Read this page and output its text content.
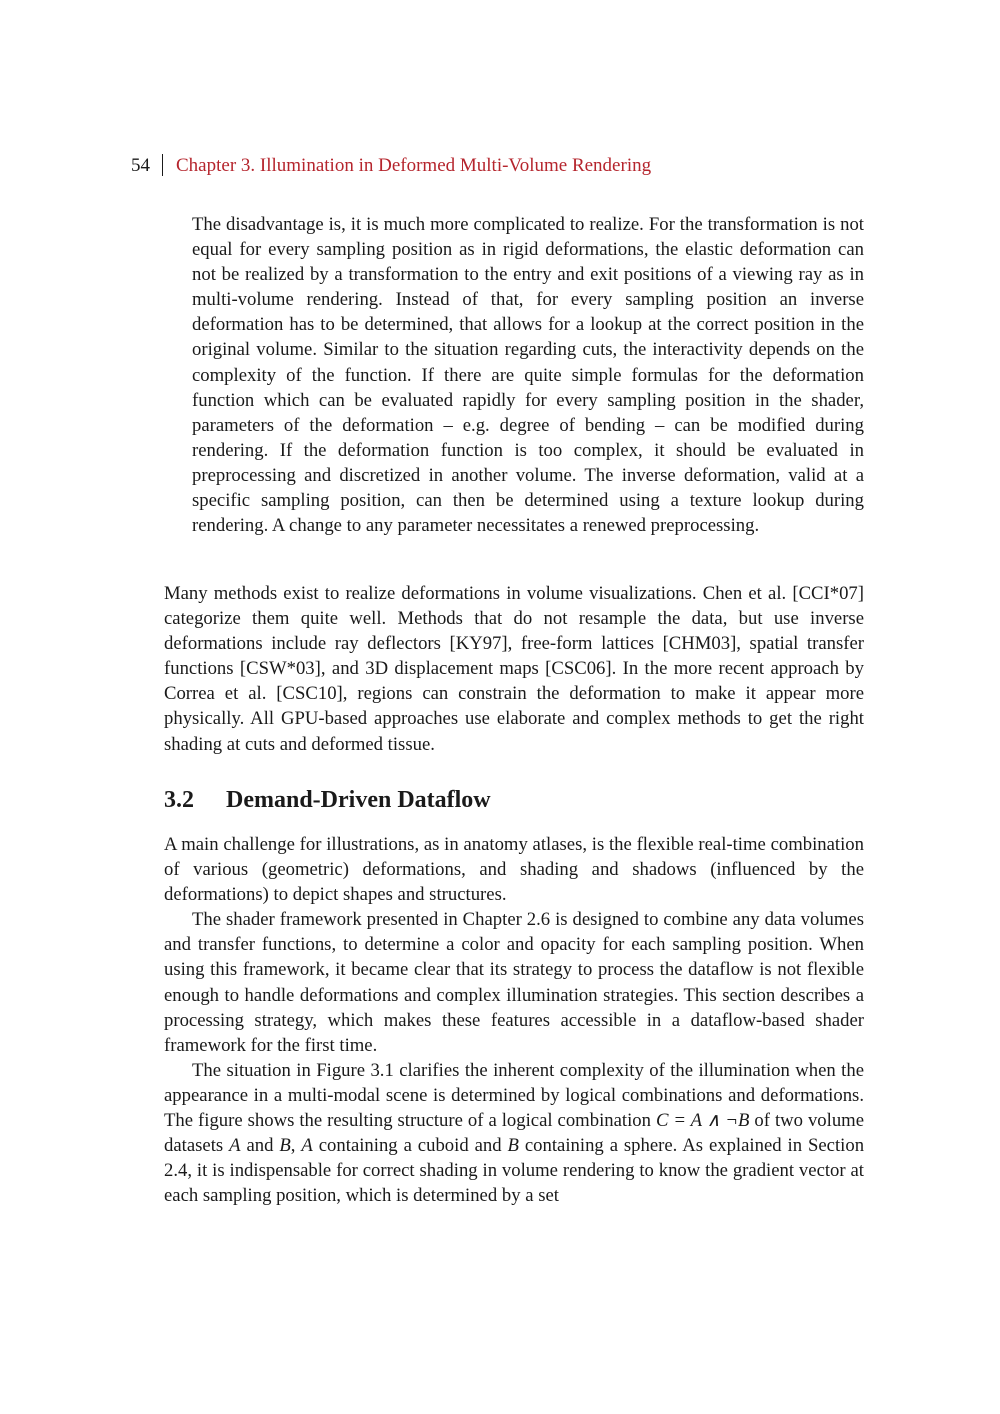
54 Chapter 3. Illumination in Deformed Multi-Volume Rendering

The disadvantage is, it is much more complicated to realize. For the transformation is not equal for every sampling position as in rigid deformations, the elastic deformation can not be realized by a transformation to the entry and exit positions of a viewing ray as in multi-volume rendering. Instead of that, for every sampling position an inverse deformation has to be determined, that allows for a lookup at the correct position in the original volume. Similar to the situation regarding cuts, the interactivity depends on the complexity of the function. If there are quite simple formulas for the deformation function which can be evaluated rapidly for every sampling position in the shader, parameters of the deformation – e.g. degree of bending – can be modified during rendering. If the deformation function is too complex, it should be evaluated in preprocessing and discretized in another volume. The inverse deformation, valid at a specific sampling position, can then be determined using a texture lookup during rendering. A change to any parameter necessitates a renewed preprocessing.

Many methods exist to realize deformations in volume visualizations. Chen et al. [CCI*07] categorize them quite well. Methods that do not resample the data, but use inverse deformations include ray deflectors [KY97], free-form lattices [CHM03], spatial transfer functions [CSW*03], and 3D displacement maps [CSC06]. In the more recent approach by Correa et al. [CSC10], regions can constrain the deformation to make it appear more physically. All GPU-based approaches use elaborate and complex methods to get the right shading at cuts and deformed tissue.

3.2 Demand-Driven Dataflow

A main challenge for illustrations, as in anatomy atlases, is the flexible real-time combination of various (geometric) deformations, and shading and shadows (influenced by the deformations) to depict shapes and structures.

The shader framework presented in Chapter 2.6 is designed to combine any data volumes and transfer functions, to determine a color and opacity for each sampling position. When using this framework, it became clear that its strategy to process the dataflow is not flexible enough to handle deformations and complex illumination strategies. This section describes a processing strategy, which makes these features accessible in a dataflow-based shader framework for the first time.

The situation in Figure 3.1 clarifies the inherent complexity of the illumination when the appearance in a multi-modal scene is determined by logical combinations and deformations. The figure shows the resulting structure of a logical combination C = A ∧ ¬B of two volume datasets A and B, A containing a cuboid and B containing a sphere. As explained in Section 2.4, it is indispensable for correct shading in volume rendering to know the gradient vector at each sampling position, which is determined by a set
